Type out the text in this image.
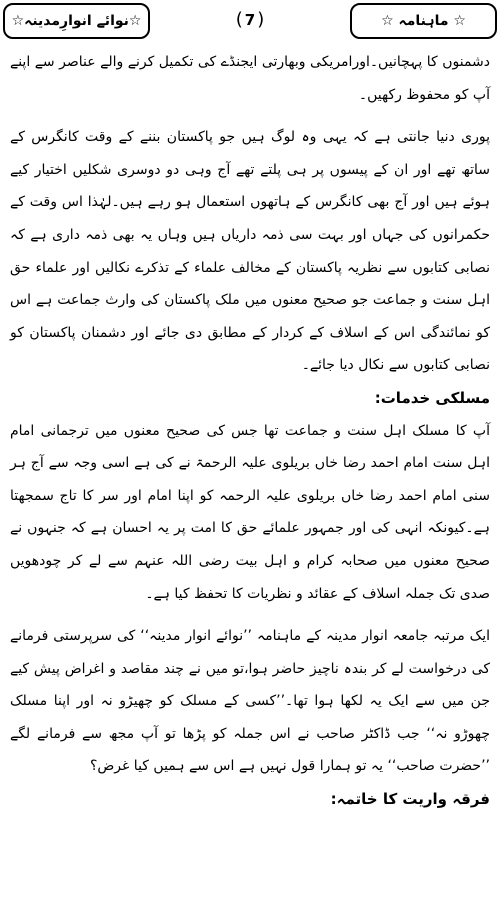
☆ ماہنامہ ☆
( 7 )
☆نوائے انوارِمدینہ☆

دشمنوں کا پہچانیں۔اورامریکی وبھارتی ایجنڈے کی تکمیل کرنے والے عناصر سے اپنے آپ کو محفوظ رکھیں۔

پوری دنیا جانتی ہے کہ یہی وہ لوگ ہیں جو پاکستان بننے کے وقت کانگرس کے ساتھ تھے اور ان کے پیسوں پر ہی پلتے تھے آج وہی دو دوسری شکلیں اختیار کیے ہوئے ہیں اور آج بھی کانگرس کے ہاتھوں استعمال ہو رہے ہیں۔لہٰذا اس وقت کے حکمرانوں کی جہاں اور بہت سی ذمہ داریاں ہیں وہاں یہ بھی ذمہ داری ہے کہ نصابی کتابوں سے نظریہ پاکستان کے مخالف علماء کے تذکرے نکالیں اور علماء حق اہل سنت و جماعت جو صحیح معنوں میں ملک پاکستان کی وارث جماعت ہے اس کو نمائندگی اس کے اسلاف کے کردار کے مطابق دی جائے اور دشمنان پاکستان کو نصابی کتابوں سے نکال دیا جائے۔

مسلکی خدمات:

آپ کا مسلک اہل سنت و جماعت تھا جس کی صحیح معنوں میں ترجمانی امام اہل سنت امام احمد رضا خاں بریلوی علیہ الرحمۃ نے کی ہے اسی وجہ سے آج ہر سنی امام احمد رضا خاں بریلوی علیہ الرحمہ کو اپنا امام اور سر کا تاج سمجھتا ہے۔کیونکہ انہی کی اور جمہور علمائے حق کا امت پر یہ احسان ہے کہ جنہوں نے صحیح معنوں میں صحابہ کرام و اہل بیت رضی اللہ عنہم سے لے کر چودھویں صدی تک جملہ اسلاف کے عقائد و نظریات کا تحفظ کیا ہے۔

ایک مرتبہ جامعہ انوار مدینہ کے ماہنامہ ’’نوائے انوار مدینہ‘‘ کی سرپرستی فرمانے کی درخواست لے کر بندہ ناچیز حاضر ہوا،تو میں نے چند مقاصد و اغراض پیش کیے جن میں سے ایک یہ لکھا ہوا تھا۔’’کسی کے مسلک کو چھیڑو نہ اور اپنا مسلک چھوڑو نہ‘‘ جب ڈاکٹر صاحب نے اس جملہ کو پڑھا تو آپ مجھ سے فرمانے لگے ’’حضرت صاحب‘‘ یہ تو ہمارا قول نہیں ہے اس سے ہمیں کیا غرض؟

فرقہ واریت کا خاتمہ:
